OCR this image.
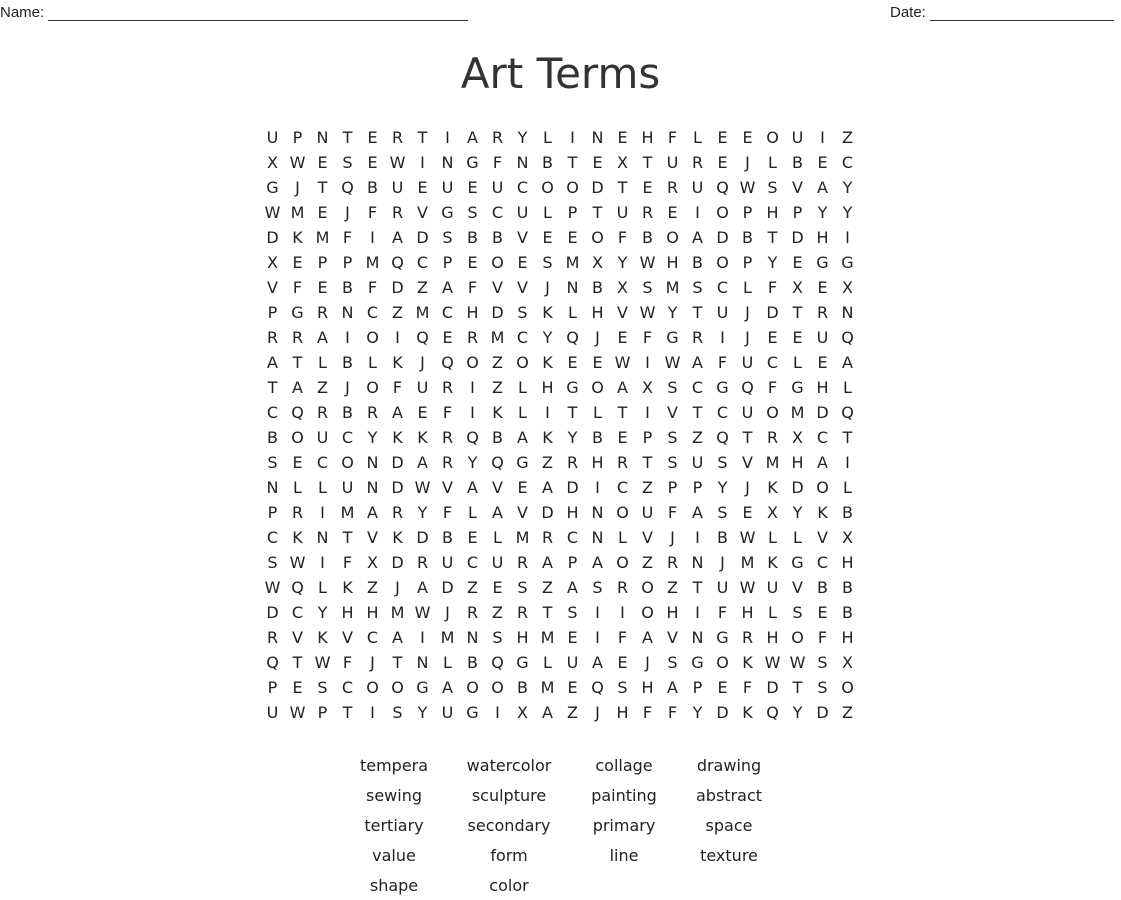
Name:	Date:
Art Terms
U P N T E R T	I	A R Y L	I	N E H F L E E O U	I	Z
X W E S E W I	N G F N B T E X T U R E	J	L B E C
G	J	T Q B U E U E U C O O D T E R U Q W S V A Y
W M E	J	F R V G S C U L P T U R E	I	O P H P Y Y
D K M F	I	A D S B B V E E O F B O A D B T D H	I
X E P P M Q C P E O E S M X Y W H B O P Y E G G
V F E B F D Z A F V V	J	N B X S M S C L F X E X
P G R N C Z M C H D S K L H V W Y T U	J	D T R N
R R A	I	O	I	Q E R M C Y Q	J	E F G R	I	J	E E U Q
A T L B L K	J	Q O Z O K E E W I W A F U C L E A
T A Z	J	O F U R	I	Z L H G O A X S C G Q F G H L
C Q R B R A E F	I	K L	I	T L T	I	V T C U O M D Q
B O U C Y K K R Q B A K Y B E P S Z Q T R X C T
S E C O N D A R Y Q G Z R H R T S U S V M H A	I
N L	L U N D W V A V E A D	I	C Z P P Y	J	K D O L
P R	I M A R Y F L A V D H N O U F A S E X Y K B
C K N T V K D B E L M R C N L V	J	I	B W L	L V X
S W I	F X D R U C U R A P A O Z R N	J M K G C H
W Q L K Z	J	A D Z E S Z A S R O Z T U W U V B B
D C Y H H M W J	R Z R T S	I	I	O H	I	F H L S E B
R V K V C A	I M N S H M E	I	F A V N G R H O F H
Q T W F	J	T N L B Q G L U A E	J	S G O K W W S X
P E S C O O G A O O B M E Q S H A P E F D T S O
U W P T	I	S Y U G	I	X A Z	J	H F F Y D K Q Y D Z
tempera	watercolor	collage	drawing
sewing	sculpture	painting	abstract
tertiary	secondary	primary	space
value	form	line	texture
shape	color
